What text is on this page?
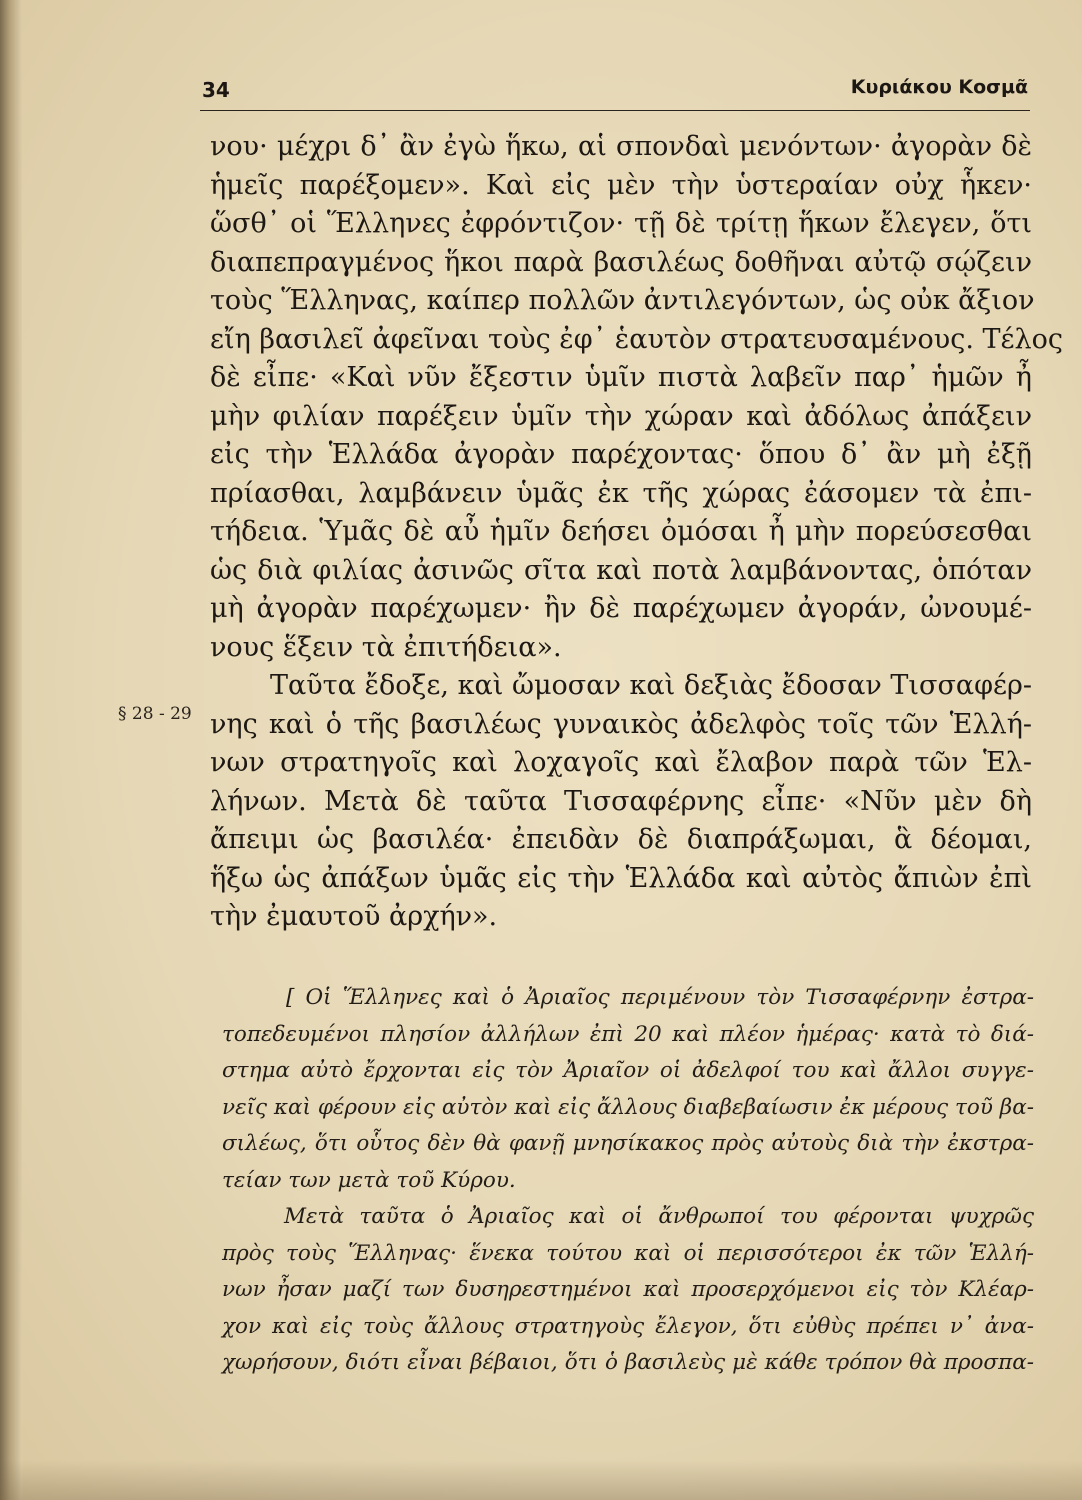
34	Κυριάκου Κοσμᾶ
§ 28 - 29
νου· μέχρι δ᾽ ἂν ἐγὼ ἥκω, αἱ σπονδαὶ μενόντων· ἀγορὰν δὲ
ἡμεῖς παρέξομεν». Καὶ εἰς μὲν τὴν ὑστεραίαν οὐχ ἧκεν·
ὥσθ᾽ οἱ Ἕλληνες ἐφρόντιζον· τῇ δὲ τρίτῃ ἥκων ἔλεγεν, ὅτι
διαπεπραγμένος ἥκοι παρὰ βασιλέως δοθῆναι αὐτῷ σῴζειν
τοὺς Ἕλληνας, καίπερ πολλῶν ἀντιλεγόντων, ὡς οὐκ ἄξιον
εἴη βασιλεῖ ἀφεῖναι τοὺς ἐφ᾽ ἑαυτὸν στρατευσαμένους. Τέλος
δὲ εἶπε· «Καὶ νῦν ἔξεστιν ὑμῖν πιστὰ λαβεῖν παρ᾽ ἡμῶν ἦ
μὴν φιλίαν παρέξειν ὑμῖν τὴν χώραν καὶ ἀδόλως ἀπάξειν
εἰς τὴν Ἑλλάδα ἀγορὰν παρέχοντας· ὅπου δ᾽ ἂν μὴ ἐξῇ
πρίασθαι, λαμβάνειν ὑμᾶς ἐκ τῆς χώρας ἐάσομεν τὰ ἐπι-
τήδεια. Ὑμᾶς δὲ αὖ ἡμῖν δεήσει ὀμόσαι ἦ μὴν πορεύσεσθαι
ὡς διὰ φιλίας ἀσινῶς σῖτα καὶ ποτὰ λαμβάνοντας, ὁπόταν
μὴ ἀγορὰν παρέχωμεν· ἢν δὲ παρέχωμεν ἀγοράν, ὠνουμέ-
νους ἕξειν τὰ ἐπιτήδεια».
Ταῦτα ἔδοξε, καὶ ὤμοσαν καὶ δεξιὰς ἔδοσαν Τισσαφέρ-
νης καὶ ὁ τῆς βασιλέως γυναικὸς ἀδελφὸς τοῖς τῶν Ἑλλή-
νων στρατηγοῖς καὶ λοχαγοῖς καὶ ἔλαβον παρὰ τῶν Ἑλ-
λήνων. Μετὰ δὲ ταῦτα Τισσαφέρνης εἶπε· «Νῦν μὲν δὴ
ἄπειμι ὡς βασιλέα· ἐπειδὰν δὲ διαπράξωμαι, ἃ δέομαι,
ἥξω ὡς ἀπάξων ὑμᾶς εἰς τὴν Ἑλλάδα καὶ αὐτὸς ἄπιὼν ἐπὶ
τὴν ἐμαυτοῦ ἀρχήν».
[ Οἱ Ἕλληνες καὶ ὁ Ἀριαῖος περιμένουν τὸν Τισσαφέρνην ἐστρα-
τοπεδευμένοι πλησίον ἀλλήλων ἐπὶ 20 καὶ πλέον ἡμέρας· κατὰ τὸ διά-
στημα αὐτὸ ἔρχονται εἰς τὸν Ἀριαῖον οἱ ἀδελφοί του καὶ ἄλλοι συγγε-
νεῖς καὶ φέρουν εἰς αὐτὸν καὶ εἰς ἄλλους διαβεβαίωσιν ἐκ μέρους τοῦ βα-
σιλέως, ὅτι οὗτος δὲν θὰ φανῇ μνησίκακος πρὸς αὐτοὺς διὰ τὴν ἐκστρα-
τείαν των μετὰ τοῦ Κύρου.
Μετὰ ταῦτα ὁ Ἀριαῖος καὶ οἱ ἄνθρωποί του φέρονται ψυχρῶς
πρὸς τοὺς Ἕλληνας· ἕνεκα τούτου καὶ οἱ περισσότεροι ἐκ τῶν Ἑλλή-
νων ἦσαν μαζί των δυσηρεστημένοι καὶ προσερχόμενοι εἰς τὸν Κλέαρ-
χον καὶ εἰς τοὺς ἄλλους στρατηγοὺς ἔλεγον, ὅτι εὐθὺς πρέπει ν᾽ ἀνα-
χωρήσουν, διότι εἶναι βέβαιοι, ὅτι ὁ βασιλεὺς μὲ κάθε τρόπον θὰ προσπα-
